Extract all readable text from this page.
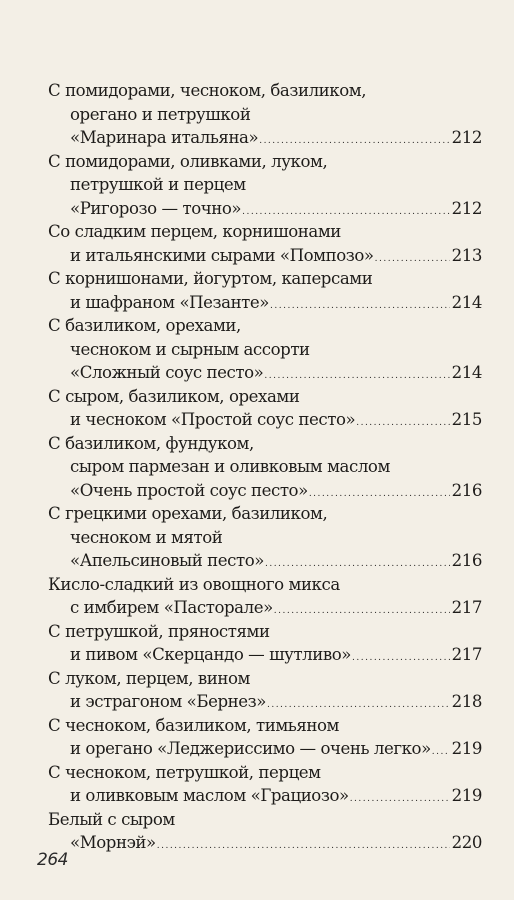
С помидорами, чесноком, базиликом,
орегано и петрушкой
«Маринара итальяна» .....	212
С помидорами, оливками, луком,
петрушкой и перцем
«Ригорозо — точно» .....	212
Со сладким перцем, корнишонами
и итальянскими сырами «Помпозо» .....	213
С корнишонами, йогуртом, каперсами
и шафраном «Пезанте» .....	214
С базиликом, орехами,
чесноком и сырным ассорти
«Сложный соус песто» .....	214
С сыром, базиликом, орехами
и чесноком «Простой соус песто» .....	215
С базиликом, фундуком,
сыром пармезан и оливковым маслом
«Очень простой соус песто» .....	216
С грецкими орехами, базиликом,
чесноком и мятой
«Апельсиновый песто» .....	216
Кисло-сладкий из овощного микса
с имбирем «Пасторале» .....	217
С петрушкой, пряностями
и пивом «Скерцандо — шутливо» .....	217
С луком, перцем, вином
и эстрагоном «Бернез» .....	218
С чесноком, базиликом, тимьяном
и орегано «Леджериссимо — очень легко» ..... 219
С чесноком, петрушкой, перцем
и оливковым маслом «Грациозо» .....	219
Белый с сыром
«Морнэй» .....	220
264
